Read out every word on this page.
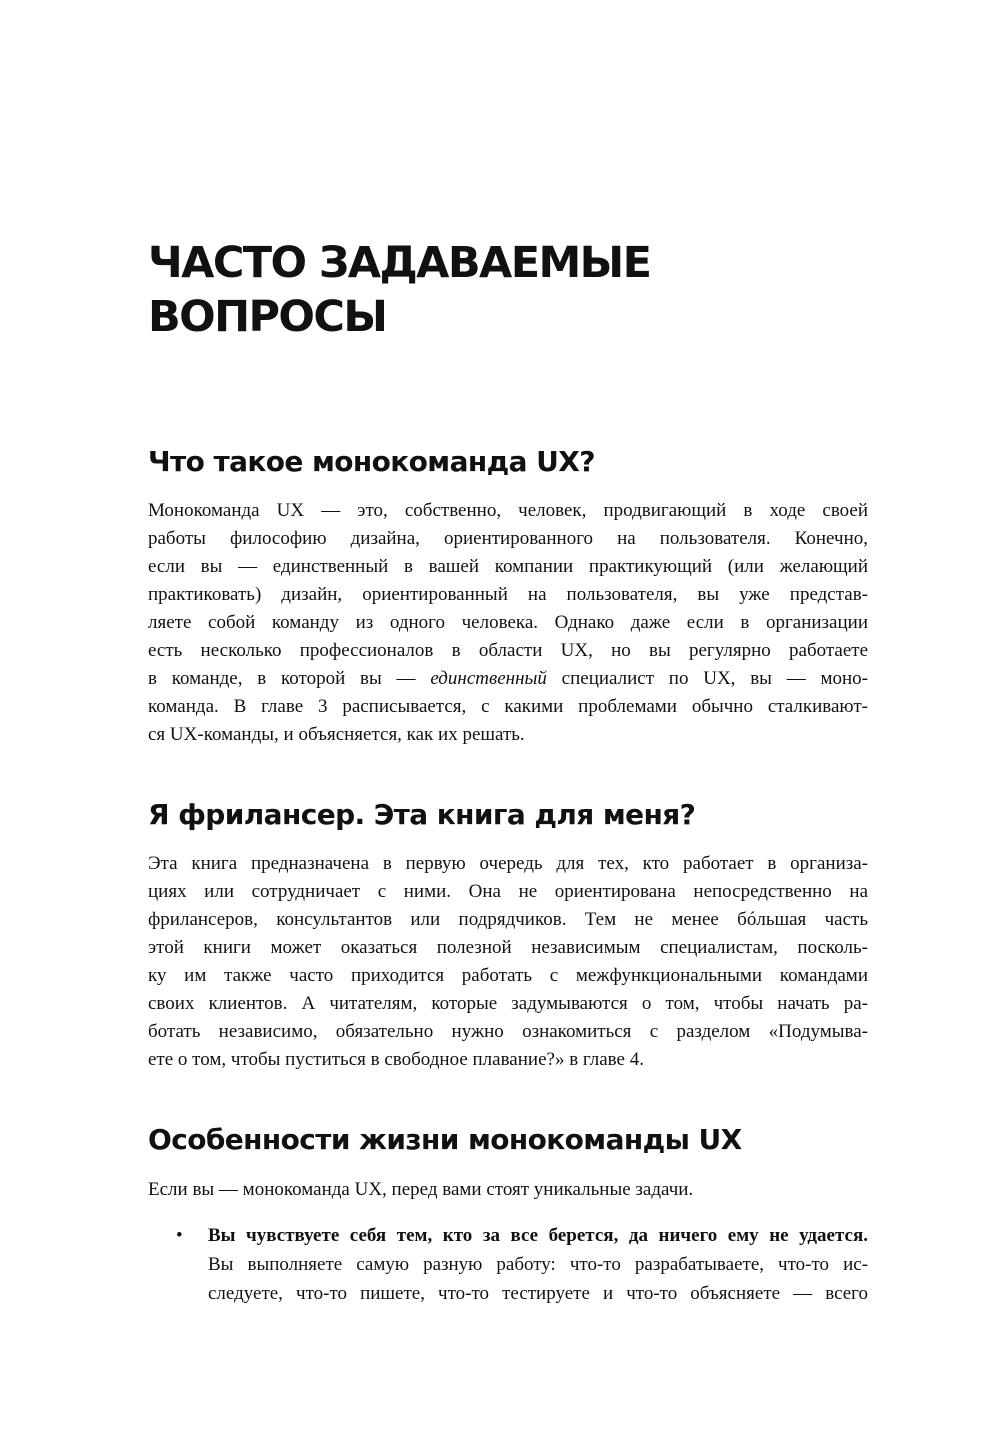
ЧАСТО ЗАДАВАЕМЫЕ
ВОПРОСЫ
Что такое монокоманда UX?
Монокоманда UX — это, собственно, человек, продвигающий в ходе своей
работы философию дизайна, ориентированного на пользователя. Конечно,
если вы — единственный в вашей компании практикующий (или желающий
практиковать) дизайн, ориентированный на пользователя, вы уже представ-
ляете собой команду из одного человека. Однако даже если в организации
есть несколько профессионалов в области UX, но вы регулярно работаете
в команде, в которой вы — единственный специалист по UX, вы — моно-
команда. В главе 3 расписывается, с какими проблемами обычно сталкивают-
ся UX-команды, и объясняется, как их решать.
Я фрилансер. Эта книга для меня?
Эта книга предназначена в первую очередь для тех, кто работает в организа-
циях или сотрудничает с ними. Она не ориентирована непосредственно на
фрилансеров, консультантов или подрядчиков. Тем не менее бóльшая часть
этой книги может оказаться полезной независимым специалистам, посколь-
ку им также часто приходится работать с межфункциональными командами
своих клиентов. А читателям, которые задумываются о том, чтобы начать ра-
ботать независимо, обязательно нужно ознакомиться с разделом «Подумыва-
ете о том, чтобы пуститься в свободное плавание?» в главе 4.
Особенности жизни монокоманды UX
Если вы — монокоманда UX, перед вами стоят уникальные задачи.
• Вы чувствуете себя тем, кто за все берется, да ничего ему не удается.
Вы выполняете самую разную работу: что-то разрабатываете, что-то ис-
следуете, что-то пишете, что-то тестируете и что-то объясняете — всего
